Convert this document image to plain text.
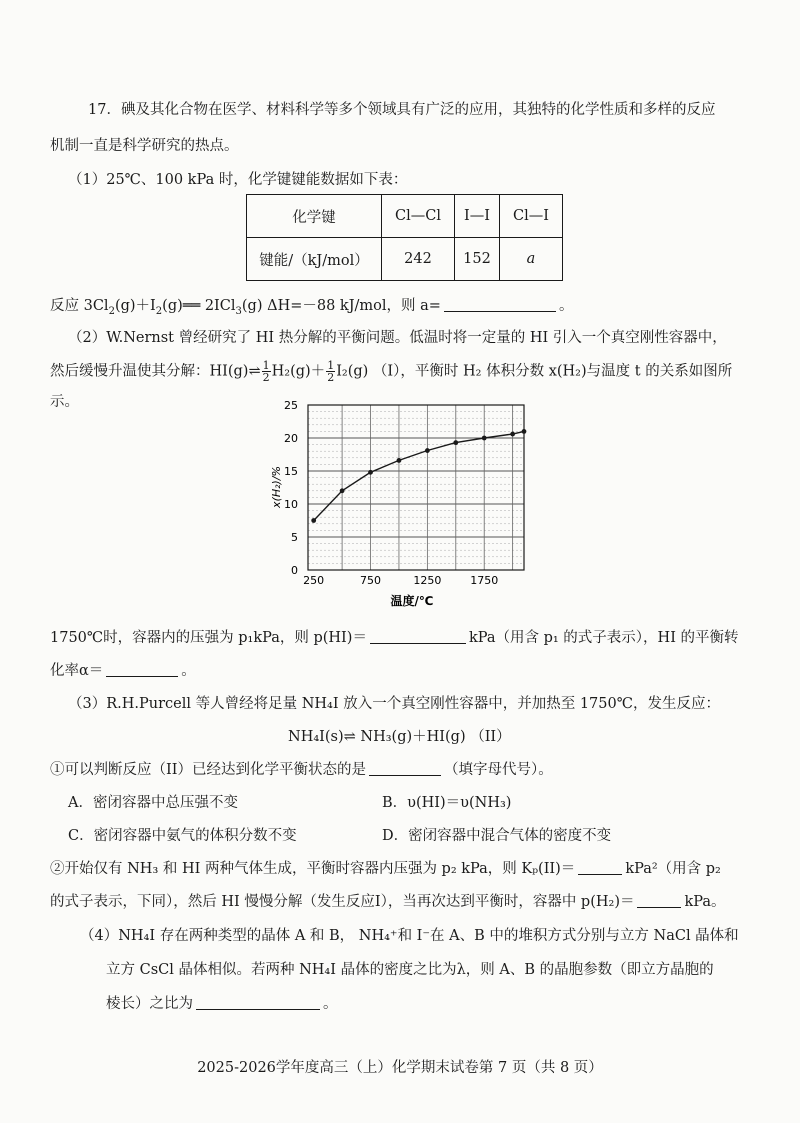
17．碘及其化合物在医学、材料科学等多个领域具有广泛的应用，其独特的化学性质和多样的反应
机制一直是科学研究的热点。
（1）25℃、100 kPa 时，化学键键能数据如下表：
化学键	Cl—Cl	I—I	Cl—I
键能/（kJ/mol）	242	152	a
反应 $3Cl_2(g)+I_2(g)══$ 2ICl$_3$(g) ΔH=－88 kJ/mol，则 a=	。
（2）W.Nernst 曾经研究了 HI 热分解的平衡问题。低温时将一定量的 HI 引入一个真空刚性容器中，
然后缓慢升温使其分解：HI(g)⇌ $\frac{1}{2} H_2(g)+ \frac{1}{2} I_2(g)$ （I），平衡时 H₂ 体积分数 x(H₂)与温度 t 的关系如图所
示。
0
5
10
15
20
25
250	750	1250	1750
x(H₂)/%
温度/℃
1750℃时，容器内的压强为 p₁kPa，则 p(HI)＝	kPa（用含 p₁ 的式子表示），HI 的平衡转
化率α＝	。
（3）R.H.Purcell 等人曾经将足量 NH₄I 放入一个真空刚性容器中，并加热至 1750℃，发生反应：
NH₄I(s)⇌ NH₃(g)＋HI(g) （II）
①可以判断反应（II）已经达到化学平衡状态的是	（填字母代号）。
A．密闭容器中总压强不变	B．υ(HI)＝υ(NH₃)
C．密闭容器中氨气的体积分数不变	D．密闭容器中混合气体的密度不变
②开始仅有 NH₃ 和 HI 两种气体生成，平衡时容器内压强为 p₂ kPa，则 Kₚ(II)＝	kPa²（用含 p₂
的式子表示，下同），然后 HI 慢慢分解（发生反应I），当再次达到平衡时，容器中 p(H₂)＝	kPa。
（4）NH₄I 存在两种类型的晶体 A 和 B， NH₄⁺和 I⁻在 A、B 中的堆积方式分别与立方 NaCl 晶体和
立方 CsCl 晶体相似。若两种 NH₄I 晶体的密度之比为λ，则 A、B 的晶胞参数（即立方晶胞的
棱长）之比为	。
2025-2026学年度高三（上）化学期末试卷第 7 页（共 8 页）
